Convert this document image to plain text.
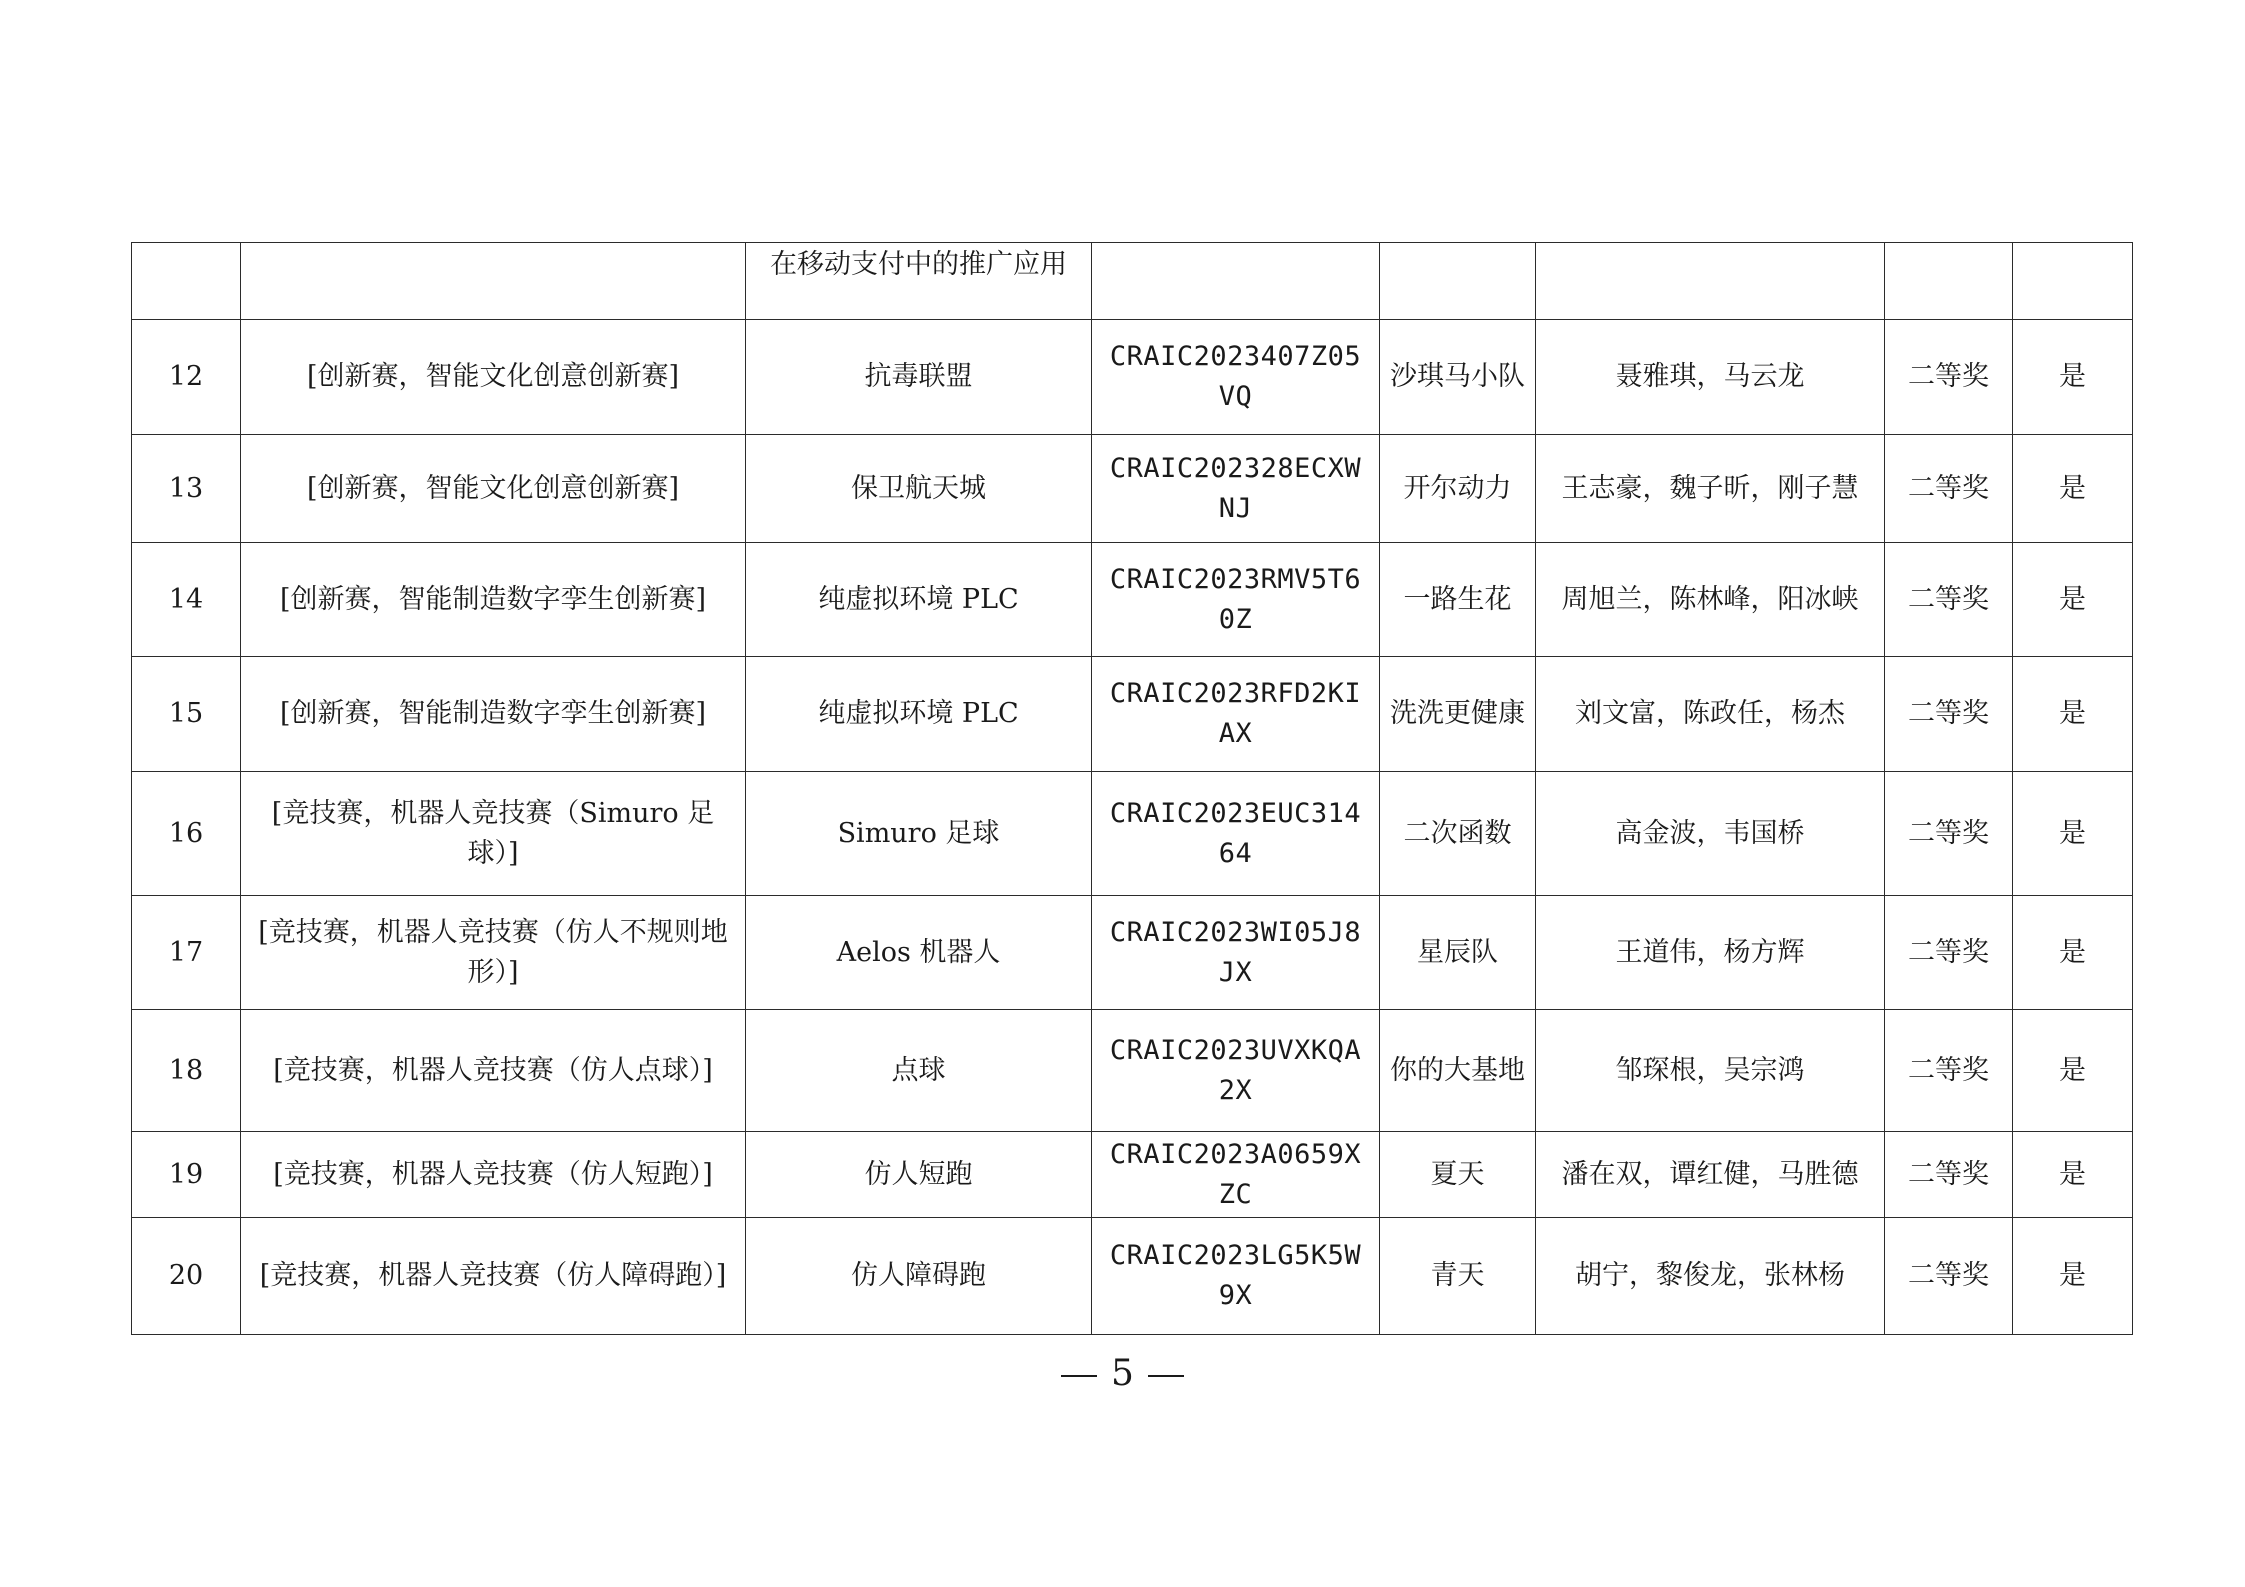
		在移动支付中的推广应用					
12	[创新赛，智能文化创意创新赛]	抗毒联盟	CRAIC2023407Z05VQ	沙琪马小队	聂雅琪，马云龙	二等奖	是
13	[创新赛，智能文化创意创新赛]	保卫航天城	CRAIC202328ECXWNJ	开尔动力	王志豪，魏子昕，刚子慧	二等奖	是
14	[创新赛，智能制造数字孪生创新赛]	纯虚拟环境 PLC	CRAIC2023RMV5T60Z	一路生花	周旭兰，陈林峰，阳冰峡	二等奖	是
15	[创新赛，智能制造数字孪生创新赛]	纯虚拟环境 PLC	CRAIC2023RFD2KIAX	洗洗更健康	刘文富，陈政任，杨杰	二等奖	是
16	[竞技赛，机器人竞技赛（Simuro 足球）]	Simuro 足球	CRAIC2023EUC31464	二次函数	高金波，韦国桥	二等奖	是
17	[竞技赛，机器人竞技赛（仿人不规则地形）]	Aelos 机器人	CRAIC2023WI05J8JX	星辰队	王道伟，杨方辉	二等奖	是
18	[竞技赛，机器人竞技赛（仿人点球）]	点球	CRAIC2023UVXKQA2X	你的大基地	邹琛根，吴宗鸿	二等奖	是
19	[竞技赛，机器人竞技赛（仿人短跑）]	仿人短跑	CRAIC2023A0659XZC	夏天	潘在双，谭红健，马胜德	二等奖	是
20	[竞技赛，机器人竞技赛（仿人障碍跑）]	仿人障碍跑	CRAIC2023LG5K5W9X	青天	胡宁，黎俊龙，张林杨	二等奖	是
5
